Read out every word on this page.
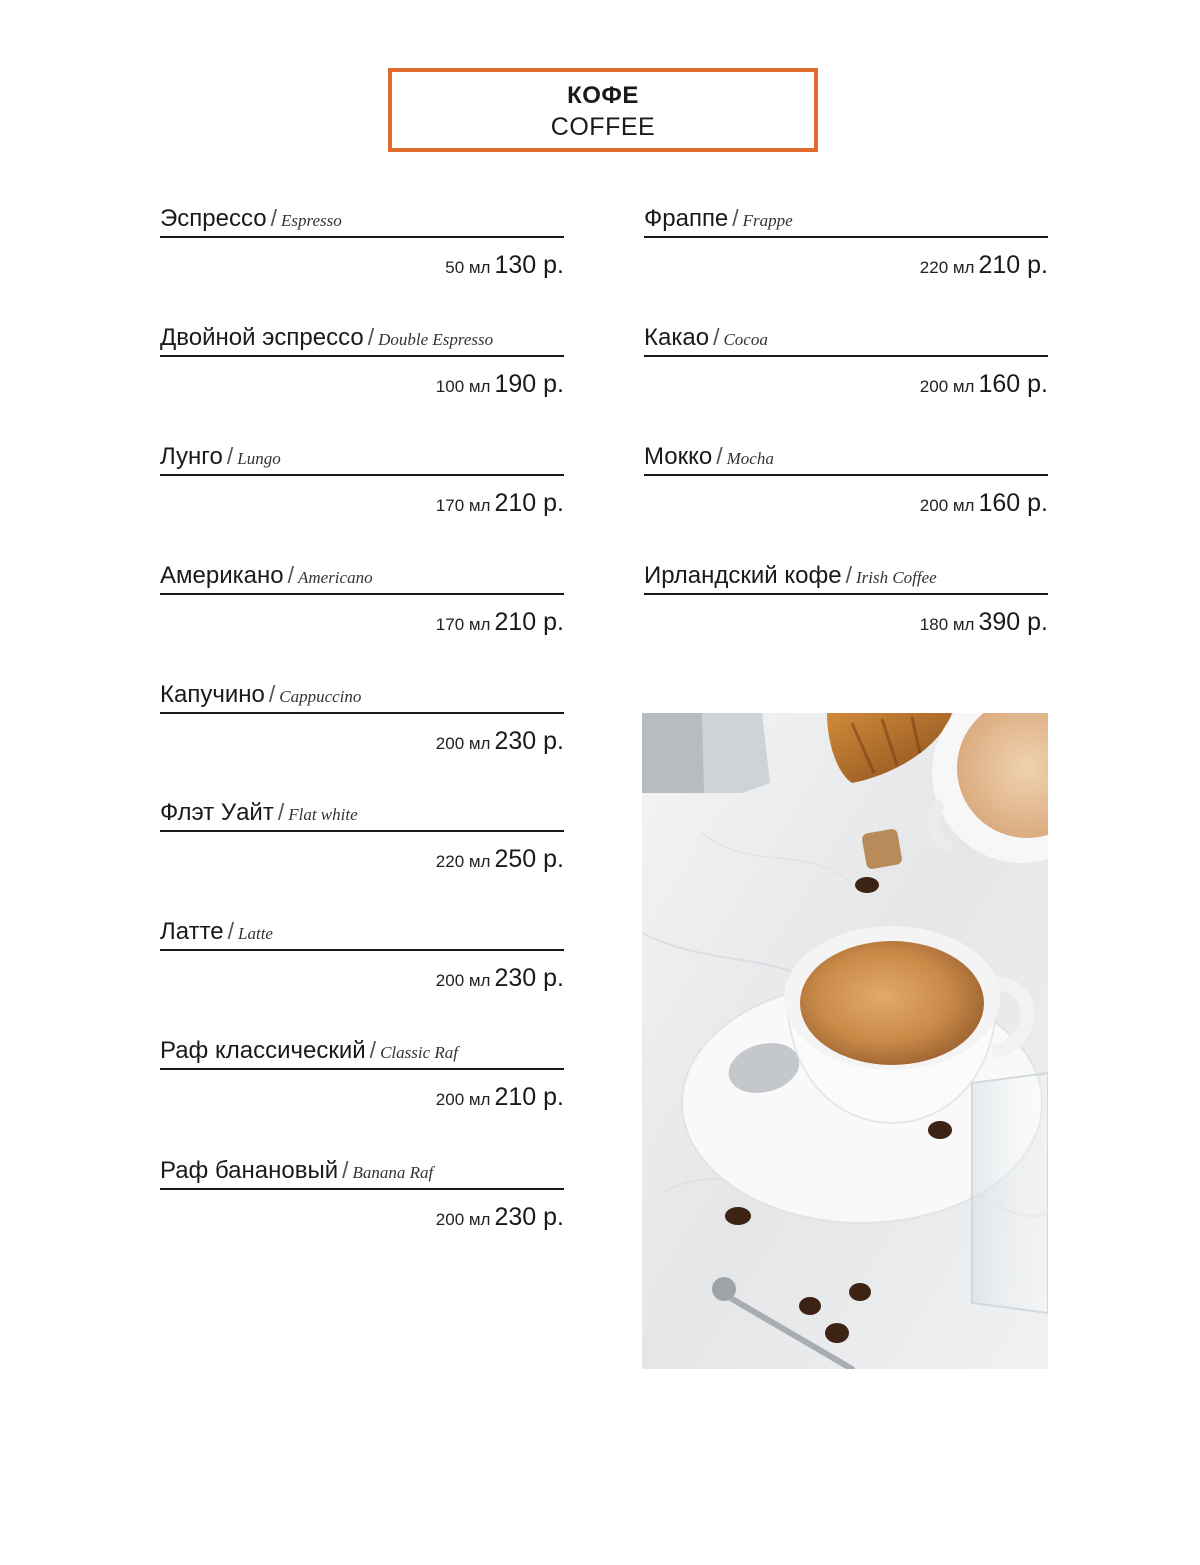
КОФЕ
COFFEE
Эспрессо / Espresso
50 мл 130 р.
Двойной эспрессо / Double Espresso
100 мл 190 р.
Лунго / Lungo
170 мл 210 р.
Американо / Americano
170 мл 210 р.
Капучино / Cappuccino
200 мл 230 р.
Флэт Уайт / Flat white
220 мл 250 р.
Латте / Latte
200 мл 230 р.
Раф классический / Classic Raf
200 мл 210 р.
Раф банановый / Banana Raf
200 мл 230 р.
Фраппе / Frappe
220 мл 210 р.
Какао / Cocoa
200 мл 160 р.
Мокко / Mocha
200 мл 160 р.
Ирландский кофе / Irish Coffee
180 мл 390 р.
